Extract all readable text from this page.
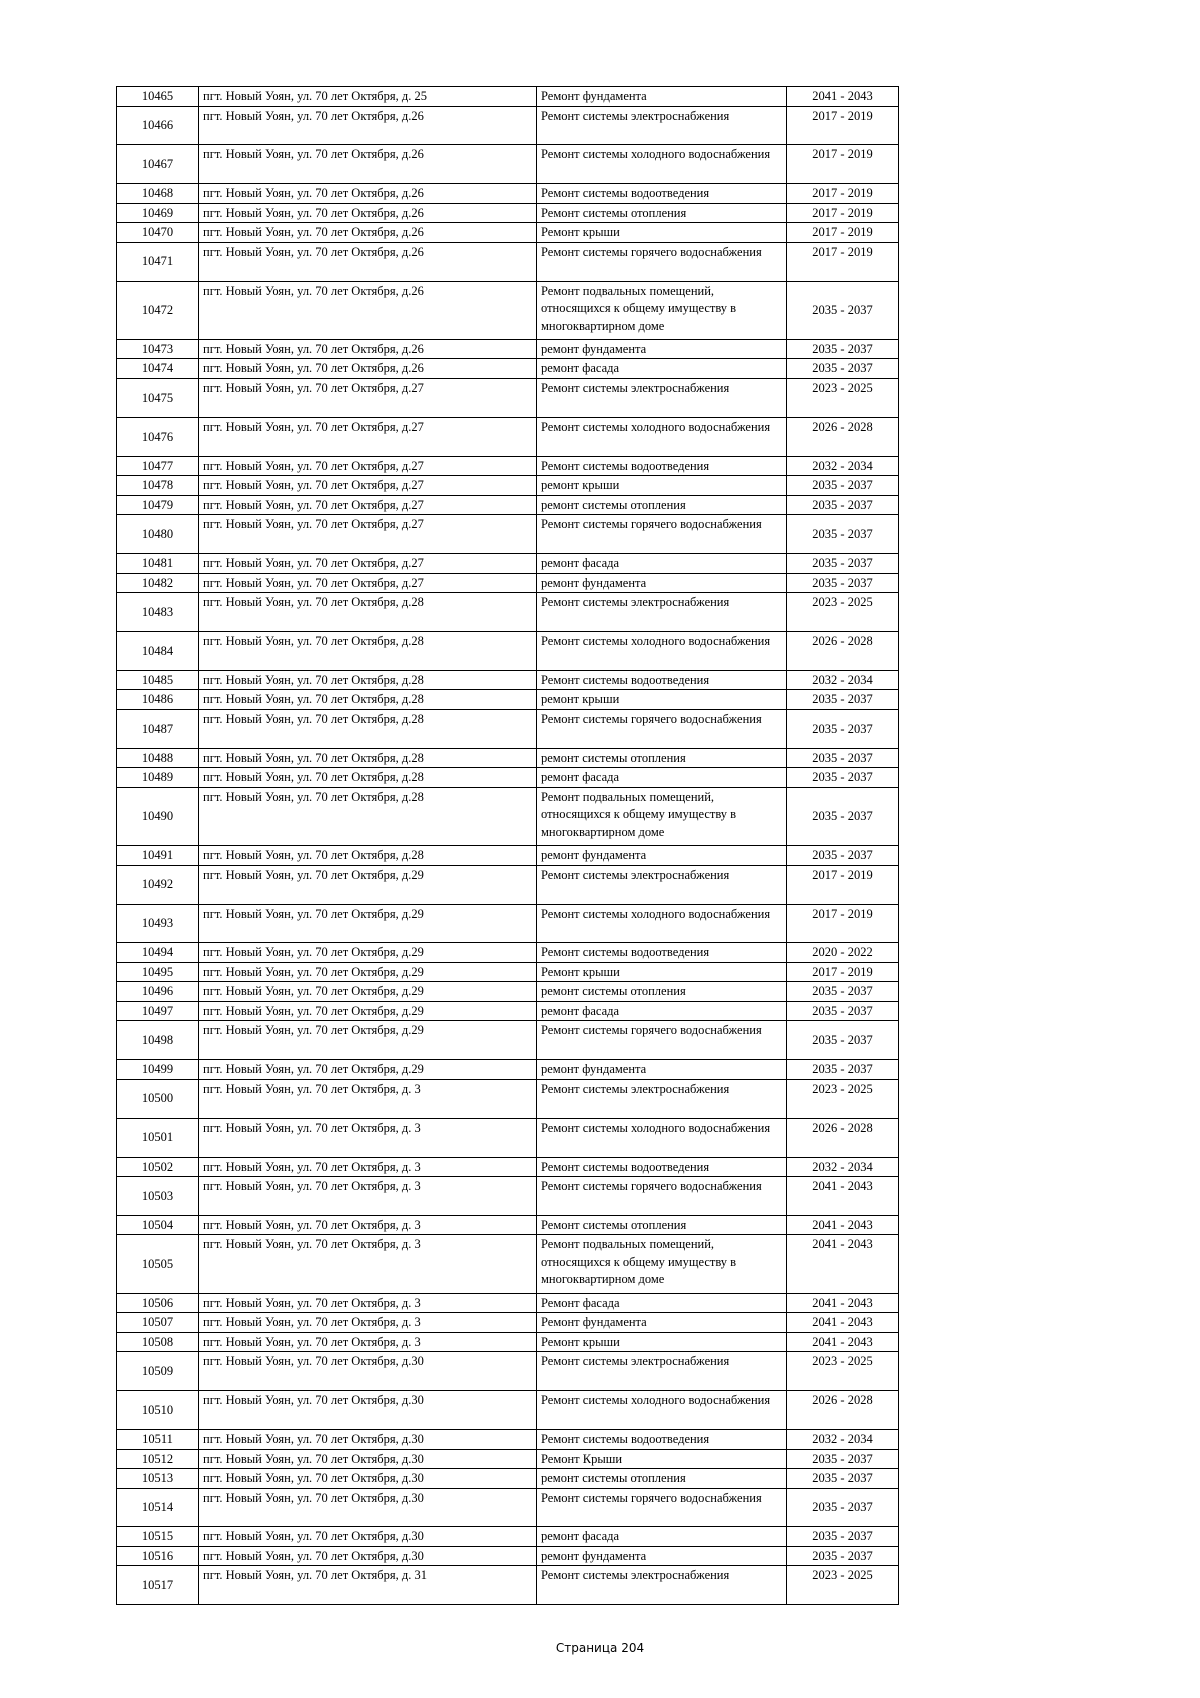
10465	пгт. Новый Уоян, ул. 70 лет Октября, д. 25	Ремонт фундамента	2041 - 2043
10466	пгт. Новый Уоян, ул. 70 лет Октября, д.26	Ремонт системы электроснабжения	2017 - 2019
10467	пгт. Новый Уоян, ул. 70 лет Октября, д.26	Ремонт системы холодного водоснабжения	2017 - 2019
10468	пгт. Новый Уоян, ул. 70 лет Октября, д.26	Ремонт системы водоотведения	2017 - 2019
10469	пгт. Новый Уоян, ул. 70 лет Октября, д.26	Ремонт системы отопления	2017 - 2019
10470	пгт. Новый Уоян, ул. 70 лет Октября, д.26	Ремонт крыши	2017 - 2019
10471	пгт. Новый Уоян, ул. 70 лет Октября, д.26	Ремонт системы горячего водоснабжения	2017 - 2019
10472	пгт. Новый Уоян, ул. 70 лет Октября, д.26	Ремонт подвальных помещений, относящихся к общему имуществу в многоквартирном доме	2035 - 2037
10473	пгт. Новый Уоян, ул. 70 лет Октября, д.26	ремонт фундамента	2035 - 2037
10474	пгт. Новый Уоян, ул. 70 лет Октября, д.26	ремонт фасада	2035 - 2037
10475	пгт. Новый Уоян, ул. 70 лет Октября, д.27	Ремонт системы электроснабжения	2023 - 2025
10476	пгт. Новый Уоян, ул. 70 лет Октября, д.27	Ремонт системы холодного водоснабжения	2026 - 2028
10477	пгт. Новый Уоян, ул. 70 лет Октября, д.27	Ремонт системы водоотведения	2032 - 2034
10478	пгт. Новый Уоян, ул. 70 лет Октября, д.27	ремонт крыши	2035 - 2037
10479	пгт. Новый Уоян, ул. 70 лет Октября, д.27	ремонт системы отопления	2035 - 2037
10480	пгт. Новый Уоян, ул. 70 лет Октября, д.27	Ремонт системы горячего водоснабжения	2035 - 2037
10481	пгт. Новый Уоян, ул. 70 лет Октября, д.27	ремонт фасада	2035 - 2037
10482	пгт. Новый Уоян, ул. 70 лет Октября, д.27	ремонт фундамента	2035 - 2037
10483	пгт. Новый Уоян, ул. 70 лет Октября, д.28	Ремонт системы электроснабжения	2023 - 2025
10484	пгт. Новый Уоян, ул. 70 лет Октября, д.28	Ремонт системы холодного водоснабжения	2026 - 2028
10485	пгт. Новый Уоян, ул. 70 лет Октября, д.28	Ремонт системы водоотведения	2032 - 2034
10486	пгт. Новый Уоян, ул. 70 лет Октября, д.28	ремонт крыши	2035 - 2037
10487	пгт. Новый Уоян, ул. 70 лет Октября, д.28	Ремонт системы горячего водоснабжения	2035 - 2037
10488	пгт. Новый Уоян, ул. 70 лет Октября, д.28	ремонт системы отопления	2035 - 2037
10489	пгт. Новый Уоян, ул. 70 лет Октября, д.28	ремонт фасада	2035 - 2037
10490	пгт. Новый Уоян, ул. 70 лет Октября, д.28	Ремонт подвальных помещений, относящихся к общему имуществу в многоквартирном доме	2035 - 2037
10491	пгт. Новый Уоян, ул. 70 лет Октября, д.28	ремонт фундамента	2035 - 2037
10492	пгт. Новый Уоян, ул. 70 лет Октября, д.29	Ремонт системы электроснабжения	2017 - 2019
10493	пгт. Новый Уоян, ул. 70 лет Октября, д.29	Ремонт системы холодного водоснабжения	2017 - 2019
10494	пгт. Новый Уоян, ул. 70 лет Октября, д.29	Ремонт системы водоотведения	2020 - 2022
10495	пгт. Новый Уоян, ул. 70 лет Октября, д.29	Ремонт крыши	2017 - 2019
10496	пгт. Новый Уоян, ул. 70 лет Октября, д.29	ремонт системы отопления	2035 - 2037
10497	пгт. Новый Уоян, ул. 70 лет Октября, д.29	ремонт фасада	2035 - 2037
10498	пгт. Новый Уоян, ул. 70 лет Октября, д.29	Ремонт системы горячего водоснабжения	2035 - 2037
10499	пгт. Новый Уоян, ул. 70 лет Октября, д.29	ремонт фундамента	2035 - 2037
10500	пгт. Новый Уоян, ул. 70 лет Октября, д. 3	Ремонт системы электроснабжения	2023 - 2025
10501	пгт. Новый Уоян, ул. 70 лет Октября, д. 3	Ремонт системы холодного водоснабжения	2026 - 2028
10502	пгт. Новый Уоян, ул. 70 лет Октября, д. 3	Ремонт системы водоотведения	2032 - 2034
10503	пгт. Новый Уоян, ул. 70 лет Октября, д. 3	Ремонт системы горячего водоснабжения	2041 - 2043
10504	пгт. Новый Уоян, ул. 70 лет Октября, д. 3	Ремонт системы отопления	2041 - 2043
10505	пгт. Новый Уоян, ул. 70 лет Октября, д. 3	Ремонт подвальных помещений, относящихся к общему имуществу в многоквартирном доме	2041 - 2043
10506	пгт. Новый Уоян, ул. 70 лет Октября, д. 3	Ремонт фасада	2041 - 2043
10507	пгт. Новый Уоян, ул. 70 лет Октября, д. 3	Ремонт фундамента	2041 - 2043
10508	пгт. Новый Уоян, ул. 70 лет Октября, д. 3	Ремонт крыши	2041 - 2043
10509	пгт. Новый Уоян, ул. 70 лет Октября, д.30	Ремонт системы электроснабжения	2023 - 2025
10510	пгт. Новый Уоян, ул. 70 лет Октября, д.30	Ремонт системы холодного водоснабжения	2026 - 2028
10511	пгт. Новый Уоян, ул. 70 лет Октября, д.30	Ремонт системы водоотведения	2032 - 2034
10512	пгт. Новый Уоян, ул. 70 лет Октября, д.30	Ремонт Крыши	2035 - 2037
10513	пгт. Новый Уоян, ул. 70 лет Октября, д.30	ремонт системы отопления	2035 - 2037
10514	пгт. Новый Уоян, ул. 70 лет Октября, д.30	Ремонт системы горячего водоснабжения	2035 - 2037
10515	пгт. Новый Уоян, ул. 70 лет Октября, д.30	ремонт фасада	2035 - 2037
10516	пгт. Новый Уоян, ул. 70 лет Октября, д.30	ремонт фундамента	2035 - 2037
10517	пгт. Новый Уоян, ул. 70 лет Октября, д. 31	Ремонт системы электроснабжения	2023 - 2025
Страница 204
